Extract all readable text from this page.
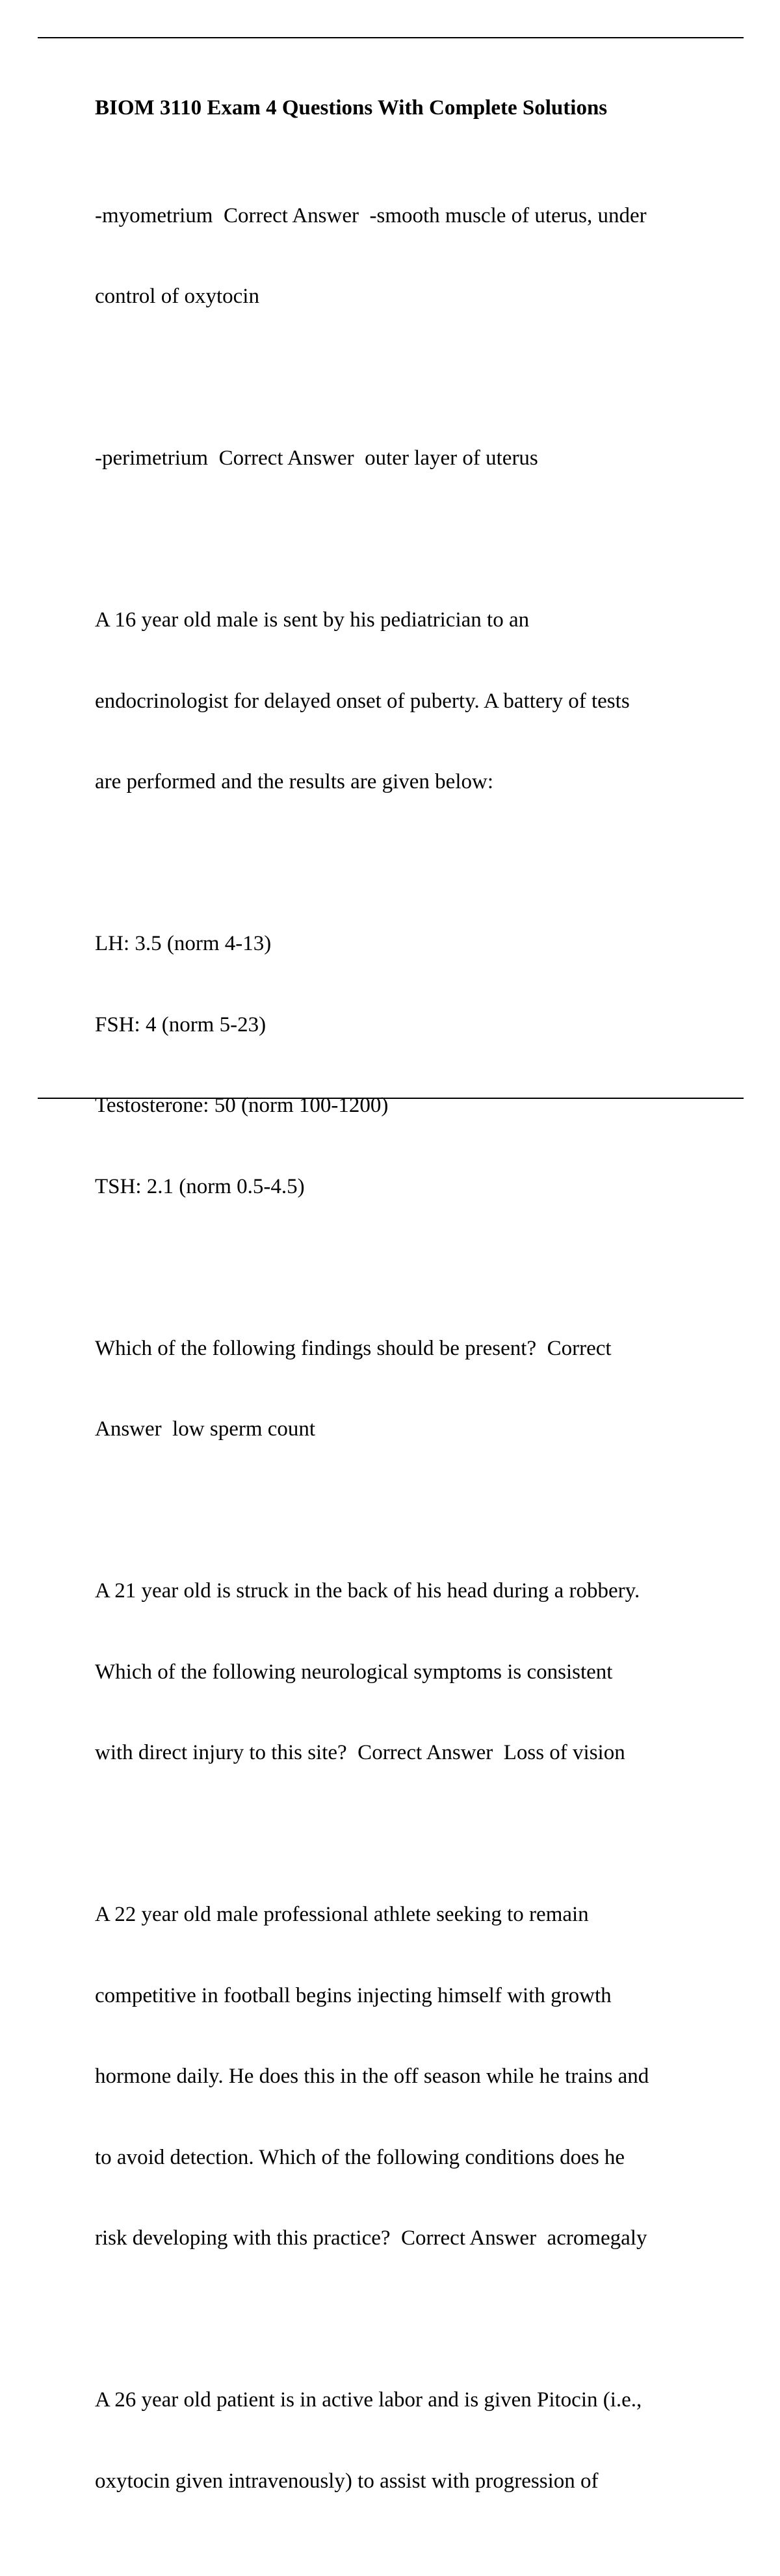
BIOM 3110 Exam 4 Questions With Complete Solutions

-myometrium  Correct Answer  -smooth muscle of uterus, under

control of oxytocin

-perimetrium  Correct Answer  outer layer of uterus

A 16 year old male is sent by his pediatrician to an

endocrinologist for delayed onset of puberty. A battery of tests

are performed and the results are given below:

LH: 3.5 (norm 4-13)

FSH: 4 (norm 5-23)

Testosterone: 50 (norm 100-1200)

TSH: 2.1 (norm 0.5-4.5)

Which of the following findings should be present?  Correct

Answer  low sperm count

A 21 year old is struck in the back of his head during a robbery.

Which of the following neurological symptoms is consistent

with direct injury to this site?  Correct Answer  Loss of vision

A 22 year old male professional athlete seeking to remain

competitive in football begins injecting himself with growth

hormone daily. He does this in the off season while he trains and

to avoid detection. Which of the following conditions does he

risk developing with this practice?  Correct Answer  acromegaly

A 26 year old patient is in active labor and is given Pitocin (i.e.,

oxytocin given intravenously) to assist with progression of
